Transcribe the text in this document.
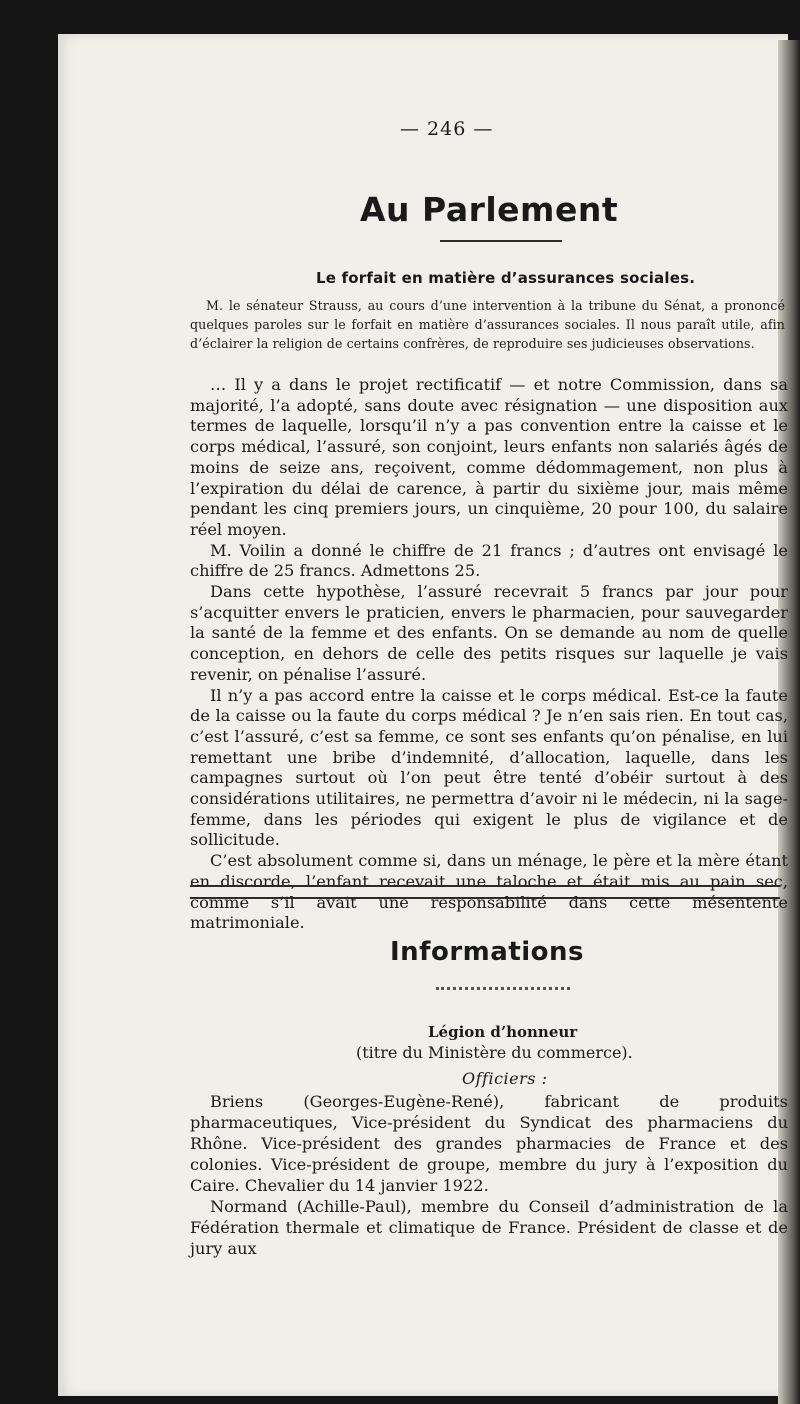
— 246 —
Au Parlement
Le forfait en matière d’assurances sociales.

M. le sénateur Strauss, au cours d’une intervention à la tribune du Sénat, a prononcé quelques paroles sur le forfait en matière d’assurances sociales. Il nous paraît utile, afin d’éclairer la religion de certains confrères, de reproduire ses judicieuses observations.

… Il y a dans le projet rectificatif — et notre Commission, dans sa majorité, l’a adopté, sans doute avec résignation — une disposition aux termes de laquelle, lorsqu’il n’y a pas convention entre la caisse et le corps médical, l’assuré, son conjoint, leurs enfants non salariés âgés de moins de seize ans, reçoivent, comme dédommagement, non plus à l’expiration du délai de carence, à partir du sixième jour, mais même pendant les cinq premiers jours, un cinquième, 20 pour 100, du salaire réel moyen.

M. Voilin a donné le chiffre de 21 francs ; d’autres ont envisagé le chiffre de 25 francs. Admettons 25.

Dans cette hypothèse, l’assuré recevrait 5 francs par jour pour s’acquitter envers le praticien, envers le pharmacien, pour sauvegarder la santé de la femme et des enfants. On se demande au nom de quelle conception, en dehors de celle des petits risques sur laquelle je vais revenir, on pénalise l’assuré.

Il n’y a pas accord entre la caisse et le corps médical. Est-ce la faute de la caisse ou la faute du corps médical ? Je n’en sais rien. En tout cas, c’est l’assuré, c’est sa femme, ce sont ses enfants qu’on pénalise, en lui remettant une bribe d’indemnité, d’allocation, laquelle, dans les campagnes surtout où l’on peut être tenté d’obéir surtout à des considérations utilitaires, ne permettra d’avoir ni le médecin, ni la sage-femme, dans les périodes qui exigent le plus de vigilance et de sollicitude.

C’est absolument comme si, dans un ménage, le père et la mère étant en discorde, l’enfant recevait une taloche et était mis au pain sec, comme s’il avait une responsabilité dans cette mésentente matrimoniale.

Informations
Légion d’honneur
(titre du Ministère du commerce).
Officiers :

Briens (Georges-Eugène-René), fabricant de produits pharmaceutiques, Vice-président du Syndicat des pharmaciens du Rhône. Vice-président des grandes pharmacies de France et des colonies. Vice-président de groupe, membre du jury à l’exposition du Caire. Chevalier du 14 janvier 1922.

Normand (Achille-Paul), membre du Conseil d’administration de la Fédération thermale et climatique de France. Président de classe et de jury aux
